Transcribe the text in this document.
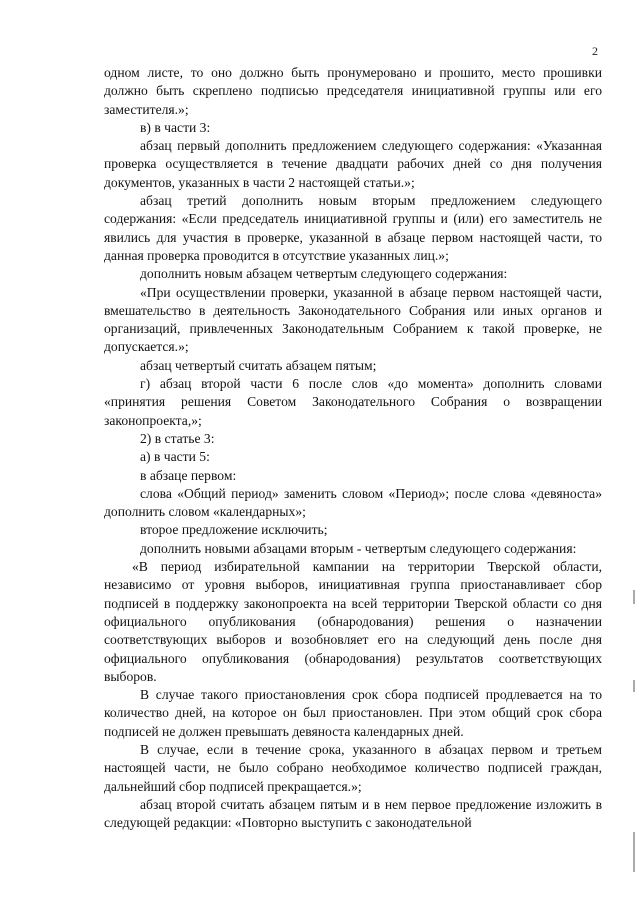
2

одном листе, то оно должно быть пронумеровано и прошито, место прошивки должно быть скреплено подписью председателя инициативной группы или его заместителя.»;

в) в части 3:

абзац первый дополнить предложением следующего содержания: «Указанная проверка осуществляется в течение двадцати рабочих дней со дня получения документов, указанных в части 2 настоящей статьи.»;

абзац третий дополнить новым вторым предложением следующего содержания: «Если председатель инициативной группы и (или) его заместитель не явились для участия в проверке, указанной в абзаце первом настоящей части, то данная проверка проводится в отсутствие указанных лиц.»;

дополнить новым абзацем четвертым следующего содержания:

«При осуществлении проверки, указанной в абзаце первом настоящей части, вмешательство в деятельность Законодательного Собрания или иных органов и организаций, привлеченных Законодательным Собранием к такой проверке, не допускается.»;

абзац четвертый считать абзацем пятым;

г) абзац второй части 6 после слов «до момента» дополнить словами «принятия решения Советом Законодательного Собрания о возвращении законопроекта,»;

2) в статье 3:

а) в части 5:

в абзаце первом:

слова «Общий период» заменить словом «Период»; после слова «девяноста» дополнить словом «календарных»;

второе предложение исключить;

дополнить новыми абзацами вторым - четвертым следующего содержания:

«В период избирательной кампании на территории Тверской области, независимо от уровня выборов, инициативная группа приостанавливает сбор подписей в поддержку законопроекта на всей территории Тверской области со дня официального опубликования (обнародования) решения о назначении соответствующих выборов и возобновляет его на следующий день после дня официального опубликования (обнародования) результатов соответствующих выборов.

В случае такого приостановления срок сбора подписей продлевается на то количество дней, на которое он был приостановлен. При этом общий срок сбора подписей не должен превышать девяноста календарных дней.

В случае, если в течение срока, указанного в абзацах первом и третьем настоящей части, не было собрано необходимое количество подписей граждан, дальнейший сбор подписей прекращается.»;

абзац второй считать абзацем пятым и в нем первое предложение изложить в следующей редакции: «Повторно выступить с законодательной
